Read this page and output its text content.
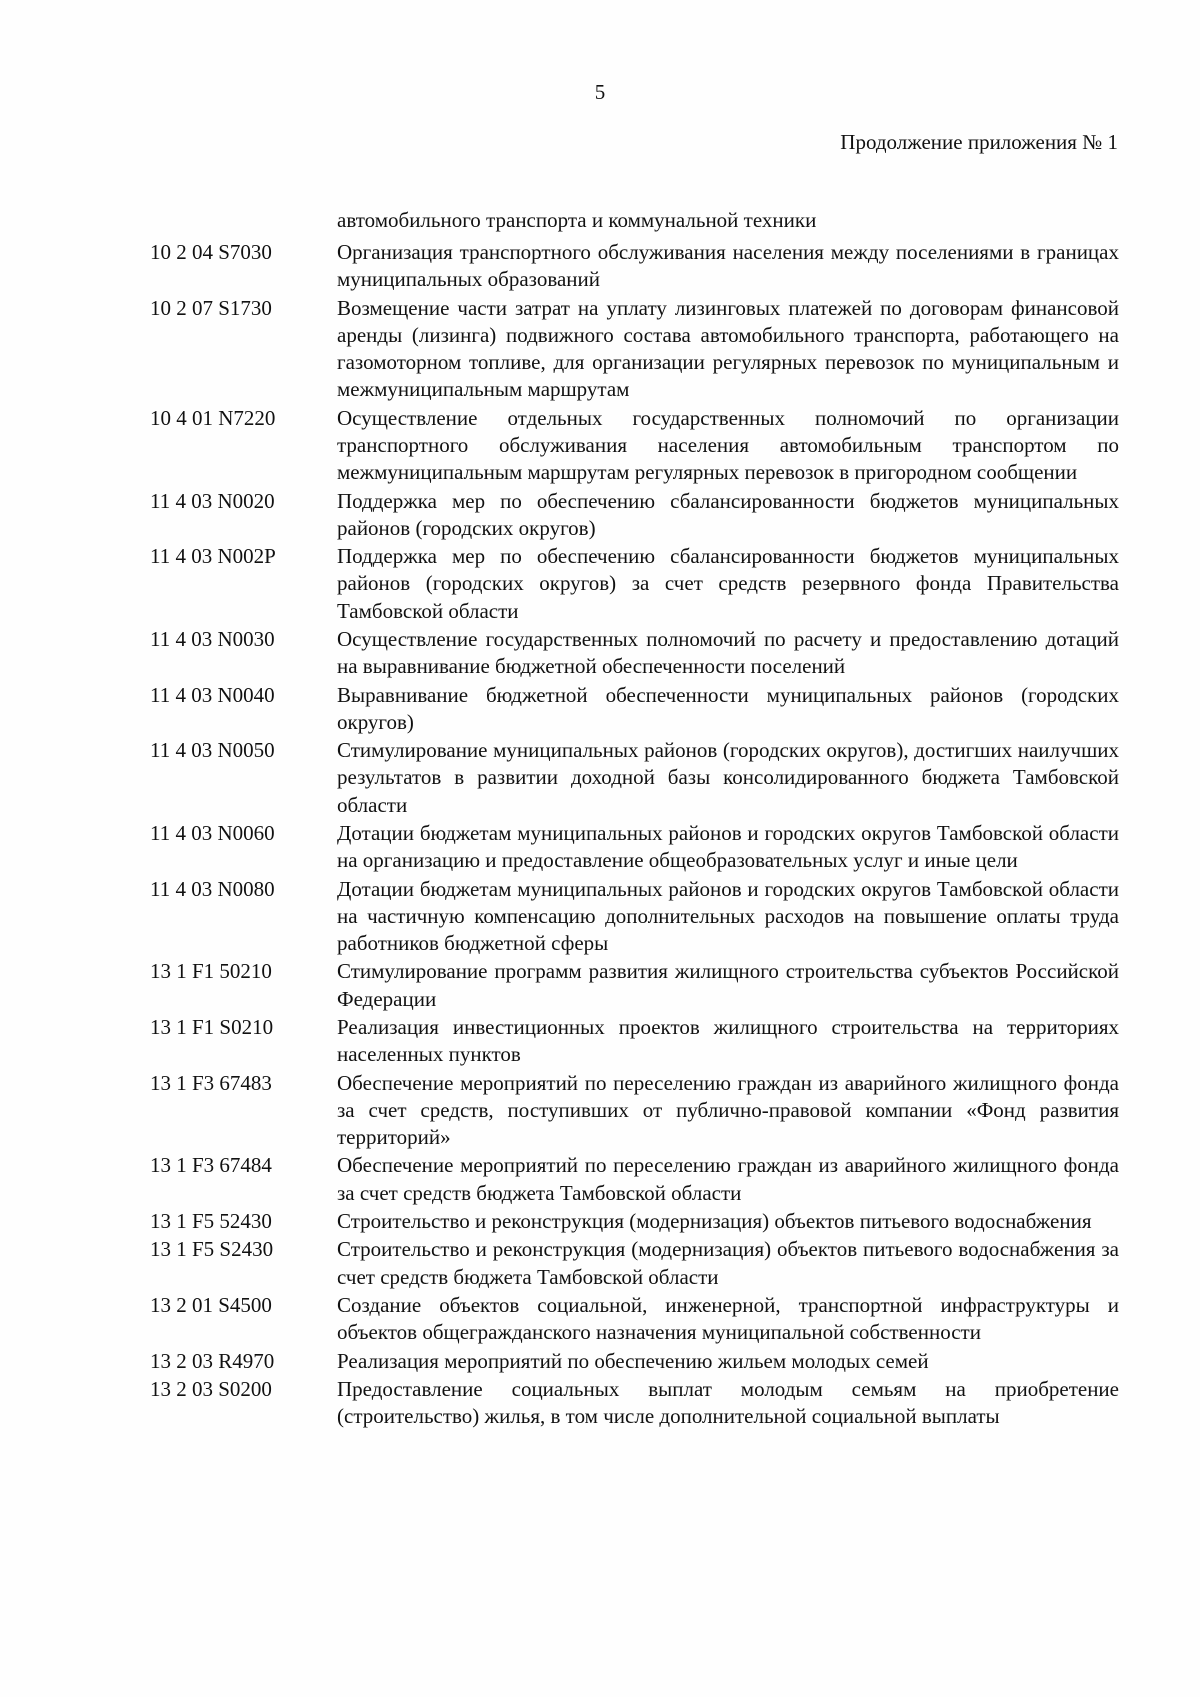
5
Продолжение приложения № 1
автомобильного транспорта и коммунальной техники
10 2 04 S7030	Организация транспортного обслуживания населения между поселениями в границах муниципальных образований
10 2 07 S1730	Возмещение части затрат на уплату лизинговых платежей по договорам финансовой аренды (лизинга) подвижного состава автомобильного транспорта, работающего на газомоторном топливе, для организации регулярных перевозок по муниципальным и межмуниципальным маршрутам
10 4 01 N7220	Осуществление отдельных государственных полномочий по организации транспортного обслуживания населения автомобильным транспортом по межмуниципальным маршрутам регулярных перевозок в пригородном сообщении
11 4 03 N0020	Поддержка мер по обеспечению сбалансированности бюджетов муниципальных районов (городских округов)
11 4 03 N002P	Поддержка мер по обеспечению сбалансированности бюджетов муниципальных районов (городских округов) за счет средств резервного фонда Правительства Тамбовской области
11 4 03 N0030	Осуществление государственных полномочий по расчету и предоставлению дотаций на выравнивание бюджетной обеспеченности поселений
11 4 03 N0040	Выравнивание бюджетной обеспеченности муниципальных районов (городских округов)
11 4 03 N0050	Стимулирование муниципальных районов (городских округов), достигших наилучших результатов в развитии доходной базы консолидированного бюджета Тамбовской области
11 4 03 N0060	Дотации бюджетам муниципальных районов и городских округов Тамбовской области на организацию и предоставление общеобразовательных услуг и иные цели
11 4 03 N0080	Дотации бюджетам муниципальных районов и городских округов Тамбовской области на частичную компенсацию дополнительных расходов на повышение оплаты труда работников бюджетной сферы
13 1 F1 50210	Стимулирование программ развития жилищного строительства субъектов Российской Федерации
13 1 F1 S0210	Реализация инвестиционных проектов жилищного строительства на территориях населенных пунктов
13 1 F3 67483	Обеспечение мероприятий по переселению граждан из аварийного жилищного фонда за счет средств, поступивших от публично-правовой компании «Фонд развития территорий»
13 1 F3 67484	Обеспечение мероприятий по переселению граждан из аварийного жилищного фонда за счет средств бюджета Тамбовской области
13 1 F5 52430	Строительство и реконструкция (модернизация) объектов питьевого водоснабжения
13 1 F5 S2430	Строительство и реконструкция (модернизация) объектов питьевого водоснабжения за счет средств бюджета Тамбовской области
13 2 01 S4500	Создание объектов социальной, инженерной, транспортной инфраструктуры и объектов общегражданского назначения муниципальной собственности
13 2 03 R4970	Реализация мероприятий по обеспечению жильем молодых семей
13 2 03 S0200	Предоставление социальных выплат молодым семьям на приобретение (строительство) жилья, в том числе дополнительной социальной выплаты
